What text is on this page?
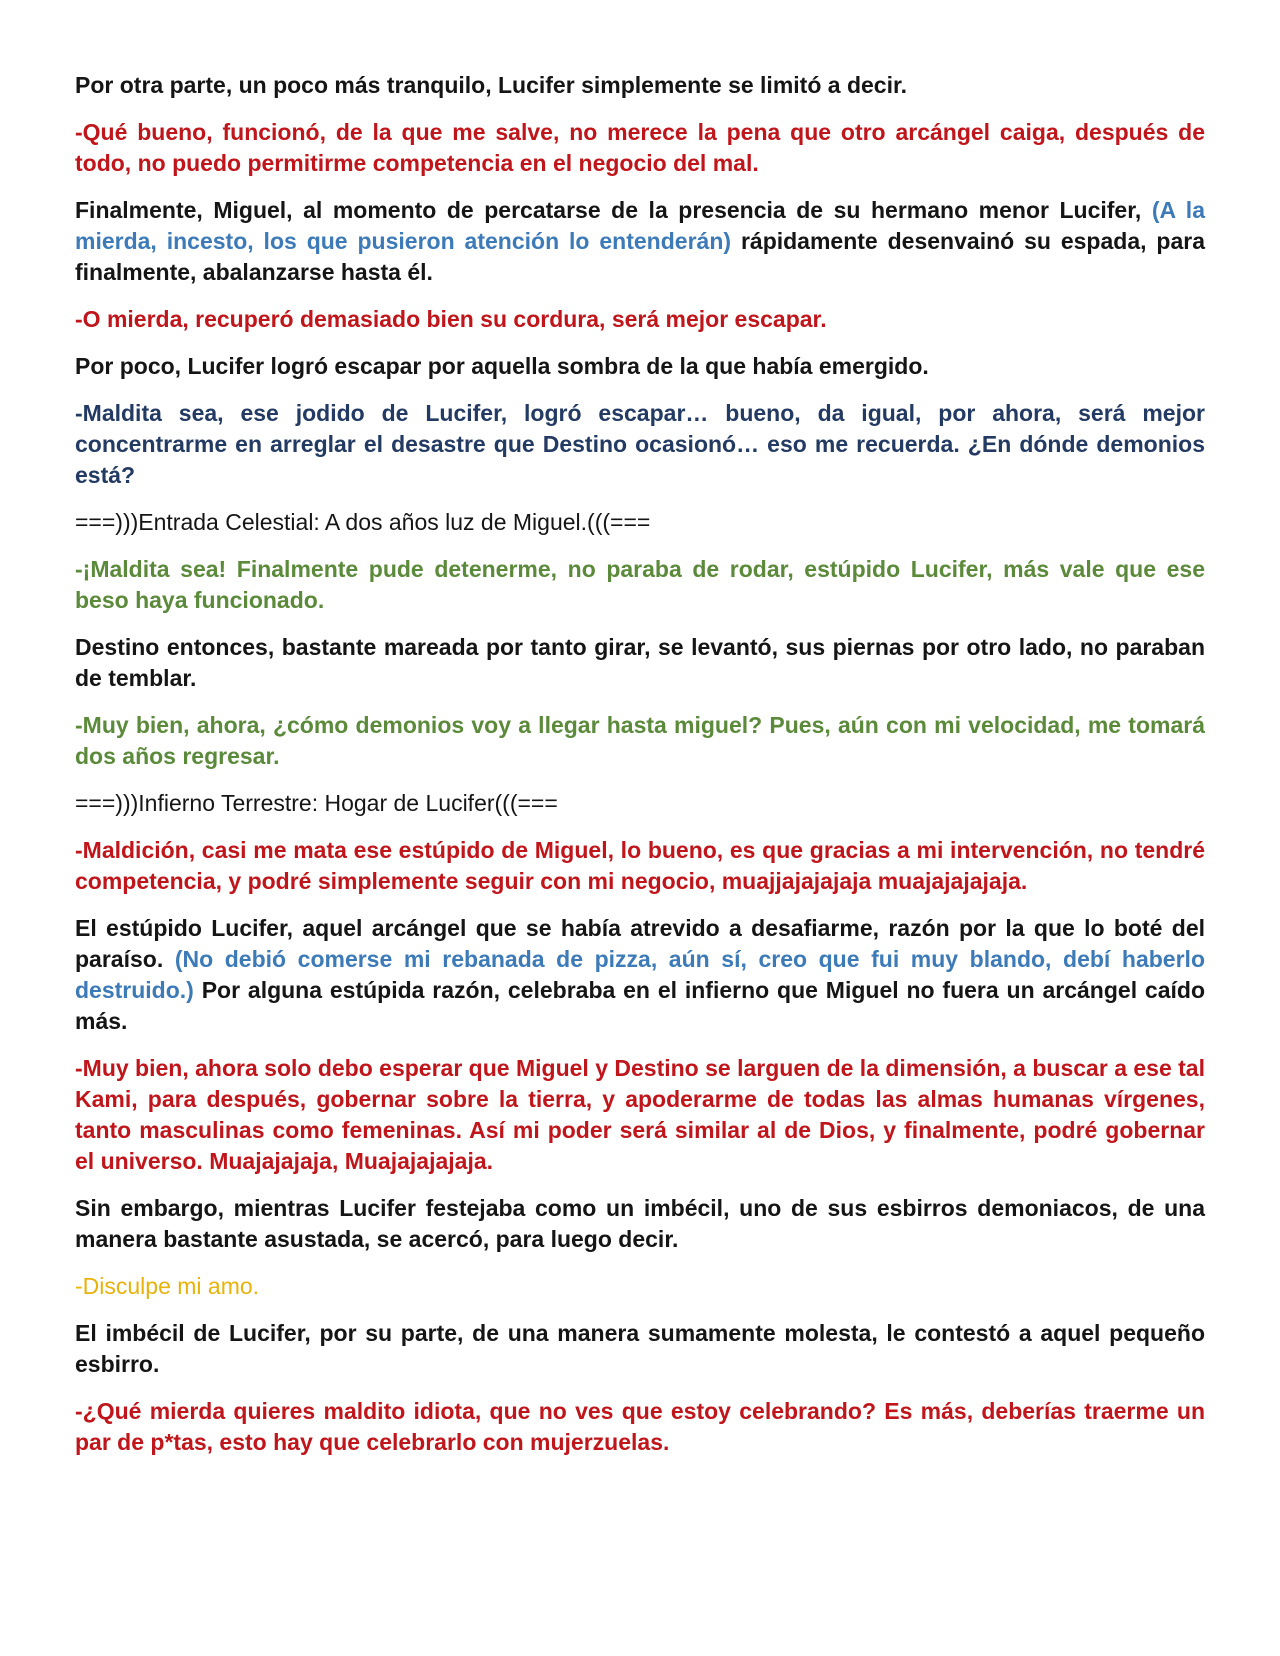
Por otra parte, un poco más tranquilo, Lucifer simplemente se limitó a decir.

-Qué bueno, funcionó, de la que me salve, no merece la pena que otro arcángel caiga, después de todo, no puedo permitirme competencia en el negocio del mal.

Finalmente, Miguel, al momento de percatarse de la presencia de su hermano menor Lucifer, (A la mierda, incesto, los que pusieron atención lo entenderán) rápidamente desenvainó su espada, para finalmente, abalanzarse hasta él.

-O mierda, recuperó demasiado bien su cordura, será mejor escapar.

Por poco, Lucifer logró escapar por aquella sombra de la que había emergido.

-Maldita sea, ese jodido de Lucifer, logró escapar… bueno, da igual, por ahora, será mejor concentrarme en arreglar el desastre que Destino ocasionó… eso me recuerda. ¿En dónde demonios está?

===)))Entrada Celestial: A dos años luz de Miguel.(((===

-¡Maldita sea! Finalmente pude detenerme, no paraba de rodar, estúpido Lucifer, más vale que ese beso haya funcionado.

Destino entonces, bastante mareada por tanto girar, se levantó, sus piernas por otro lado, no paraban de temblar.

-Muy bien, ahora, ¿cómo demonios voy a llegar hasta miguel? Pues, aún con mi velocidad, me tomará dos años regresar.

===)))Infierno Terrestre: Hogar de Lucifer(((===

-Maldición, casi me mata ese estúpido de Miguel, lo bueno, es que gracias a mi intervención, no tendré competencia, y podré simplemente seguir con mi negocio, muajjajajajaja muajajajajaja.

El estúpido Lucifer, aquel arcángel que se había atrevido a desafiarme, razón por la que lo boté del paraíso. (No debió comerse mi rebanada de pizza, aún sí, creo que fui muy blando, debí haberlo destruido.) Por alguna estúpida razón, celebraba en el infierno que Miguel no fuera un arcángel caído más.

-Muy bien, ahora solo debo esperar que Miguel y Destino se larguen de la dimensión, a buscar a ese tal Kami, para después, gobernar sobre la tierra, y apoderarme de todas las almas humanas vírgenes, tanto masculinas como femeninas. Así mi poder será similar al de Dios, y finalmente, podré gobernar el universo. Muajajajaja, Muajajajajaja.

Sin embargo, mientras Lucifer festejaba como un imbécil, uno de sus esbirros demoniacos, de una manera bastante asustada, se acercó, para luego decir.

-Disculpe mi amo.

El imbécil de Lucifer, por su parte, de una manera sumamente molesta, le contestó a aquel pequeño esbirro.

-¿Qué mierda quieres maldito idiota, que no ves que estoy celebrando? Es más, deberías traerme un par de p*tas, esto hay que celebrarlo con mujerzuelas.
